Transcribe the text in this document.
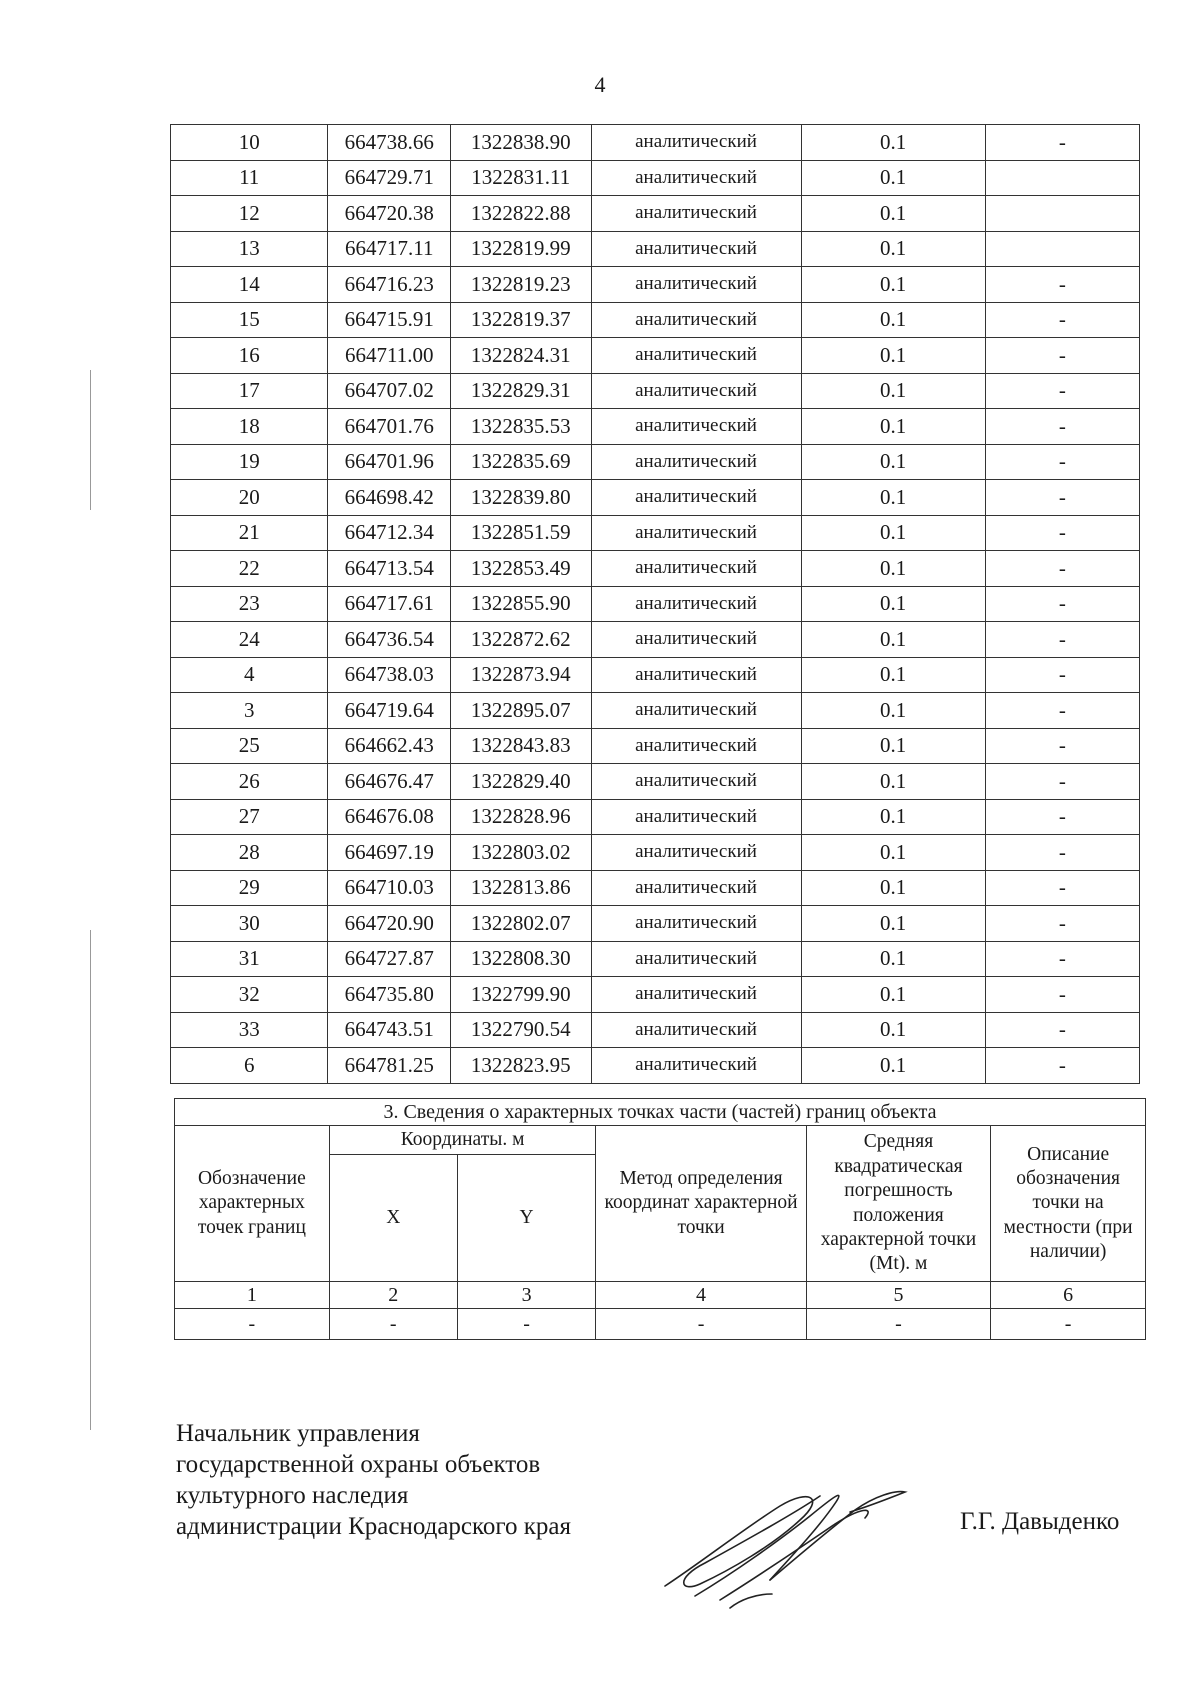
4
10	664738.66	1322838.90	аналитический	0.1	-
11	664729.71	1322831.11	аналитический	0.1	
12	664720.38	1322822.88	аналитический	0.1	
13	664717.11	1322819.99	аналитический	0.1	
14	664716.23	1322819.23	аналитический	0.1	-
15	664715.91	1322819.37	аналитический	0.1	-
16	664711.00	1322824.31	аналитический	0.1	-
17	664707.02	1322829.31	аналитический	0.1	-
18	664701.76	1322835.53	аналитический	0.1	-
19	664701.96	1322835.69	аналитический	0.1	-
20	664698.42	1322839.80	аналитический	0.1	-
21	664712.34	1322851.59	аналитический	0.1	-
22	664713.54	1322853.49	аналитический	0.1	-
23	664717.61	1322855.90	аналитический	0.1	-
24	664736.54	1322872.62	аналитический	0.1	-
4	664738.03	1322873.94	аналитический	0.1	-
3	664719.64	1322895.07	аналитический	0.1	-
25	664662.43	1322843.83	аналитический	0.1	-
26	664676.47	1322829.40	аналитический	0.1	-
27	664676.08	1322828.96	аналитический	0.1	-
28	664697.19	1322803.02	аналитический	0.1	-
29	664710.03	1322813.86	аналитический	0.1	-
30	664720.90	1322802.07	аналитический	0.1	-
31	664727.87	1322808.30	аналитический	0.1	-
32	664735.80	1322799.90	аналитический	0.1	-
33	664743.51	1322790.54	аналитический	0.1	-
6	664781.25	1322823.95	аналитический	0.1	-
3. Сведения о характерных точках части (частей) границ объекта					
Обозначение характерных точек границ	Координаты. м		Метод определения координат характерной точки	Средняя квадратическая погрешность положения характерной точки (Mt). м	Описание обозначения точки на местности (при наличии)
	X	Y			
1	2	3	4	5	6
-	-	-	-	-	-
Начальник управления
государственной охраны объектов
культурного наследия
администрации Краснодарского края	Г.Г. Давыденко
